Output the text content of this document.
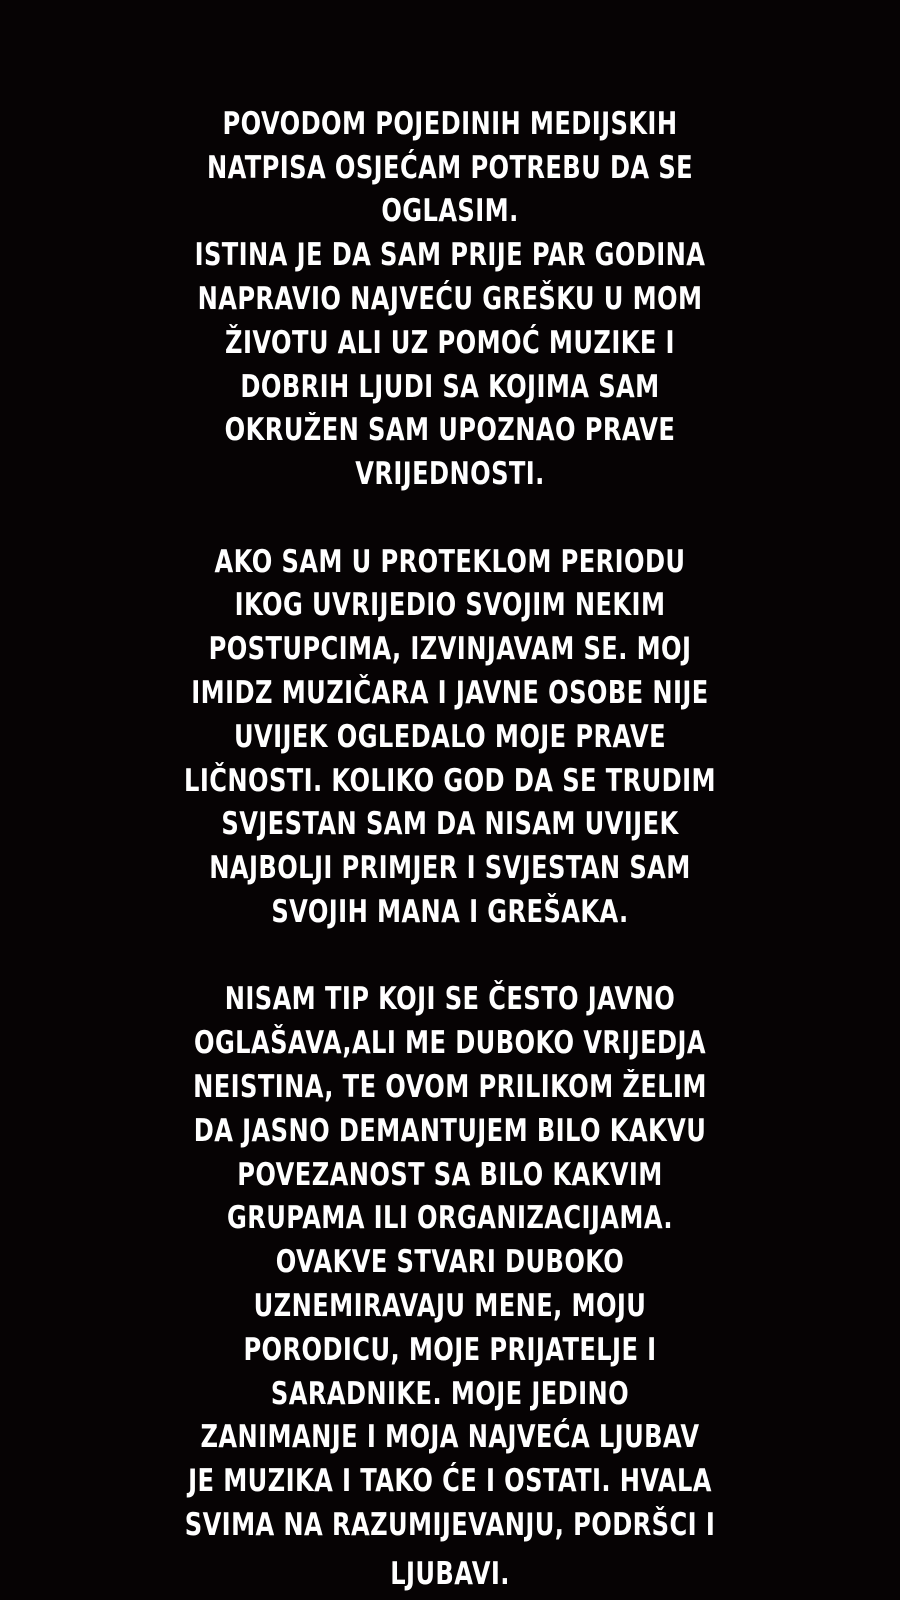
POVODOM POJEDINIH MEDIJSKIH
NATPISA OSJEĆAM POTREBU DA SE
OGLASIM.
ISTINA JE DA SAM PRIJE PAR GODINA
NAPRAVIO NAJVEĆU GREŠKU U MOM
ŽIVOTU ALI UZ POMOĆ MUZIKE I
DOBRIH LJUDI SA KOJIMA SAM
OKRUŽEN SAM UPOZNAO PRAVE
VRIJEDNOSTI.
AKO SAM U PROTEKLOM PERIODU
IKOG UVRIJEDIO SVOJIM NEKIM
POSTUPCIMA, IZVINJAVAM SE. MOJ
IMIDZ MUZIČARA I JAVNE OSOBE NIJE
UVIJEK OGLEDALO MOJE PRAVE
LIČNOSTI. KOLIKO GOD DA SE TRUDIM
SVJESTAN SAM DA NISAM UVIJEK
NAJBOLJI PRIMJER I SVJESTAN SAM
SVOJIH MANA I GREŠAKA.
NISAM TIP KOJI SE ČESTO JAVNO
OGLAŠAVA,ALI ME DUBOKO VRIJEDJA
NEISTINA, TE OVOM PRILIKOM ŽELIM
DA JASNO DEMANTUJEM BILO KAKVU
POVEZANOST SA BILO KAKVIM
GRUPAMA ILI ORGANIZACIJAMA.
OVAKVE STVARI DUBOKO
UZNEMIRAVAJU MENE, MOJU
PORODICU, MOJE PRIJATELJE I
SARADNIKE. MOJE JEDINO
ZANIMANJE I MOJA NAJVEĆA LJUBAV
JE MUZIKA I TAKO ĆE I OSTATI. HVALA
SVIMA NA RAZUMIJEVANJU, PODRŠCI I
LJUBAVI.
